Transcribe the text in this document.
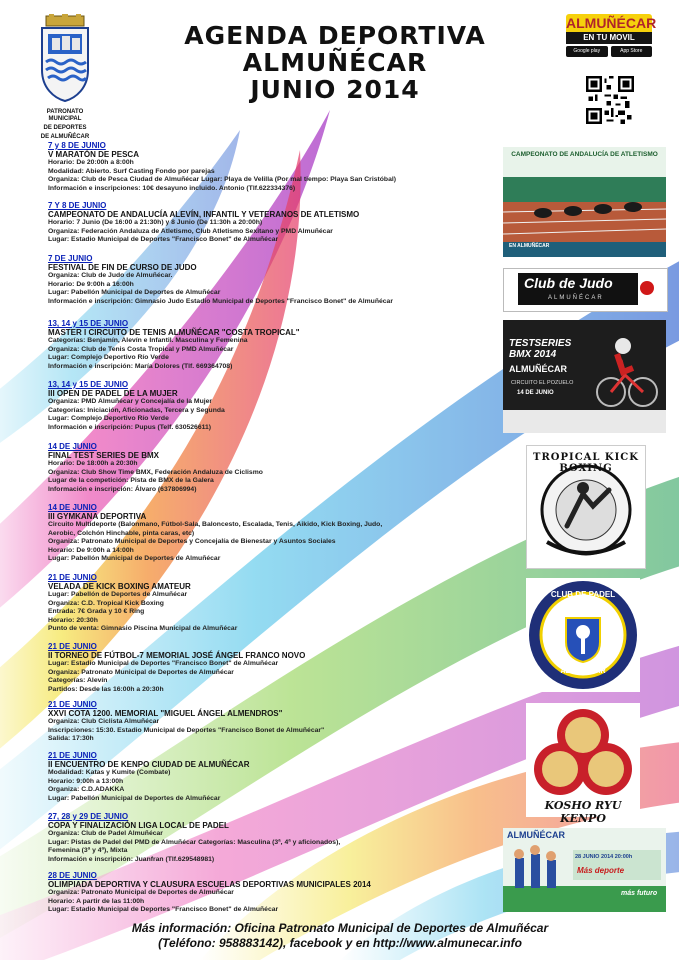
PATRONATO MUNICIPAL
DE DEPORTES
DE ALMUÑÉCAR
AGENDA DEPORTIVA
ALMUÑÉCAR
JUNIO 2014
ALMUÑÉCAR
EN TU MOVIL
Google play	App Store
7 y 8 DE JUNIO
V MARATÓN DE PESCA
Horario: De 20:00h a 8:00h
Modalidad: Abierto. Surf Casting Fondo por parejas
Organiza: Club de Pesca Ciudad de Almuñécar Lugar: Playa de Velilla (Por mal tiempo: Playa San Cristóbal)
Información e inscripciones: 10€ desayuno incluido. Antonio (Tlf.622334376)
7 Y 8 DE JUNIO
CAMPEONATO DE ANDALUCÍA ALEVÍN, INFANTIL Y VETERANOS DE ATLETISMO
Horario: 7 Junio (De 16:00 a 21:30h) y 8 Junio (De 11:30h a 20:00h)
Organiza: Federación Andaluza de Atletismo, Club Atletismo Sexitano y PMD Almuñécar
Lugar: Estadio Municipal de Deportes "Francisco Bonet" de Almuñécar
7 DE JUNIO
FESTIVAL DE FIN DE CURSO DE JUDO
Organiza: Club de Judo de Almuñécar.
Horario: De 9:00h a 16:00h
Lugar: Pabellón Municipal de Deportes de Almuñécar
Información e inscripción: Gimnasio Judo Estadio Municipal de Deportes "Francisco Bonet" de Almuñécar
13, 14 y 15 DE JUNIO
MASTER I CIRCUITO DE TENIS ALMUÑÉCAR "COSTA TROPICAL"
Categorías: Benjamín, Alevín e Infantil. Masculina y Femenina
Organiza: Club de Tenis Costa Tropical y PMD Almuñécar
Lugar: Complejo Deportivo Río Verde
Información e inscripción: María Dolores (Tlf. 669364708)
13, 14 y 15 DE JUNIO
III OPEN DE PADEL DE LA MUJER
Organiza: PMD Almuñécar y Concejalía de la Mujer
Categorías: Iniciación, Aficionadas, Tercera y Segunda
Lugar: Complejo Deportivo Río Verde
Información e inscripción: Pupus (Telf. 630526611)
14 DE JUNIO
FINAL TEST SERIES DE BMX
Horario: De 18:00h a 20:30h
Organiza: Club Show Time BMX, Federación Andaluza de Ciclismo
Lugar de la competición: Pista de BMX de la Galera
Información e inscripción: Álvaro (637806994)
14 DE JUNIO
III GYMKANA DEPORTIVA
Circuito Multideporte (Balonmano, Fútbol-Sala, Baloncesto, Escalada, Tenis, Aikido, Kick Boxing, Judo,
Aerobic, Colchón Hinchable, pinta caras, etc)
Organiza: Patronato Municipal de Deportes y Concejalía de Bienestar y Asuntos Sociales
Horario: De 9:00h a 14:00h
Lugar: Pabellón Municipal de Deportes de Almuñécar
21 DE JUNIO
VELADA DE KICK BOXING AMATEUR
Lugar: Pabellón de Deportes de Almuñécar
Organiza: C.D. Tropical Kick Boxing
Entrada: 7€ Grada y 10 € Ring
Horario: 20:30h
Punto de venta: Gimnasio Piscina Municipal de Almuñécar
21 DE JUNIO
II TORNEO DE FÚTBOL-7 MEMORIAL JOSÉ ÁNGEL FRANCO NOVO
Lugar: Estadio Municipal de Deportes "Francisco Bonet" de Almuñécar
Organiza: Patronato Municipal de Deportes de Almuñécar
Categorías: Alevín
Partidos: Desde las 16:00h a 20:30h
21 DE JUNIO
XXVI COTA 1200. MEMORIAL "MIGUEL ÁNGEL ALMENDROS"
Organiza: Club Ciclista Almuñécar
Inscripciones: 15:30. Estadio Municipal de Deportes "Francisco Bonet de Almuñécar"
Salida: 17:30h
21 DE JUNIO
II ENCUENTRO DE KENPO CIUDAD DE ALMUÑÉCAR
Modalidad: Katas y Kumite (Combate)
Horario: 9:00h a 13:00h
Organiza: C.D.ADAKKA
Lugar: Pabellón Municipal de Deportes de Almuñécar
27, 28 y 29 DE JUNIO
COPA Y FINALIZACIÓN LIGA LOCAL DE PADEL
Organiza: Club de Padel Almuñécar
Lugar: Pistas de Padel del PMD de Almuñécar Categorías: Masculina (3ª, 4ª y aficionados),
Femenina (3ª y 4ª), Mixta
Información e inscripción: Juanfran (Tlf.629548981)
28 DE JUNIO
OLIMPIADA DEPORTIVA Y CLAUSURA ESCUELAS DEPORTIVAS MUNICIPALES 2014
Organiza: Patronato Municipal de Deportes de Almuñécar
Horario: A partir de las 11:00h
Lugar: Estadio Municipal de Deportes "Francisco Bonet" de Almuñécar
CAMPEONATO DE ANDALUCÍA DE ATLETISMO
EN ALMUÑÉCAR
Club de Judo
ALMUÑÉCAR
TESTSERIES BMX 2014
ALMUÑÉCAR
CIRCUITO EL POZUELO
14 DE JUNIO
TROPICAL KICK BOXING
CLUB DE PADEL
ALMUÑECAR
KOSHO RYU KENPO
ALMUÑÉCAR
28 JUNIO 2014 20:00h
Más deporte
más futuro
Más información: Oficina Patronato Municipal de Deportes de Almuñécar
(Teléfono: 958883142), facebook y en http://www.almunecar.info
